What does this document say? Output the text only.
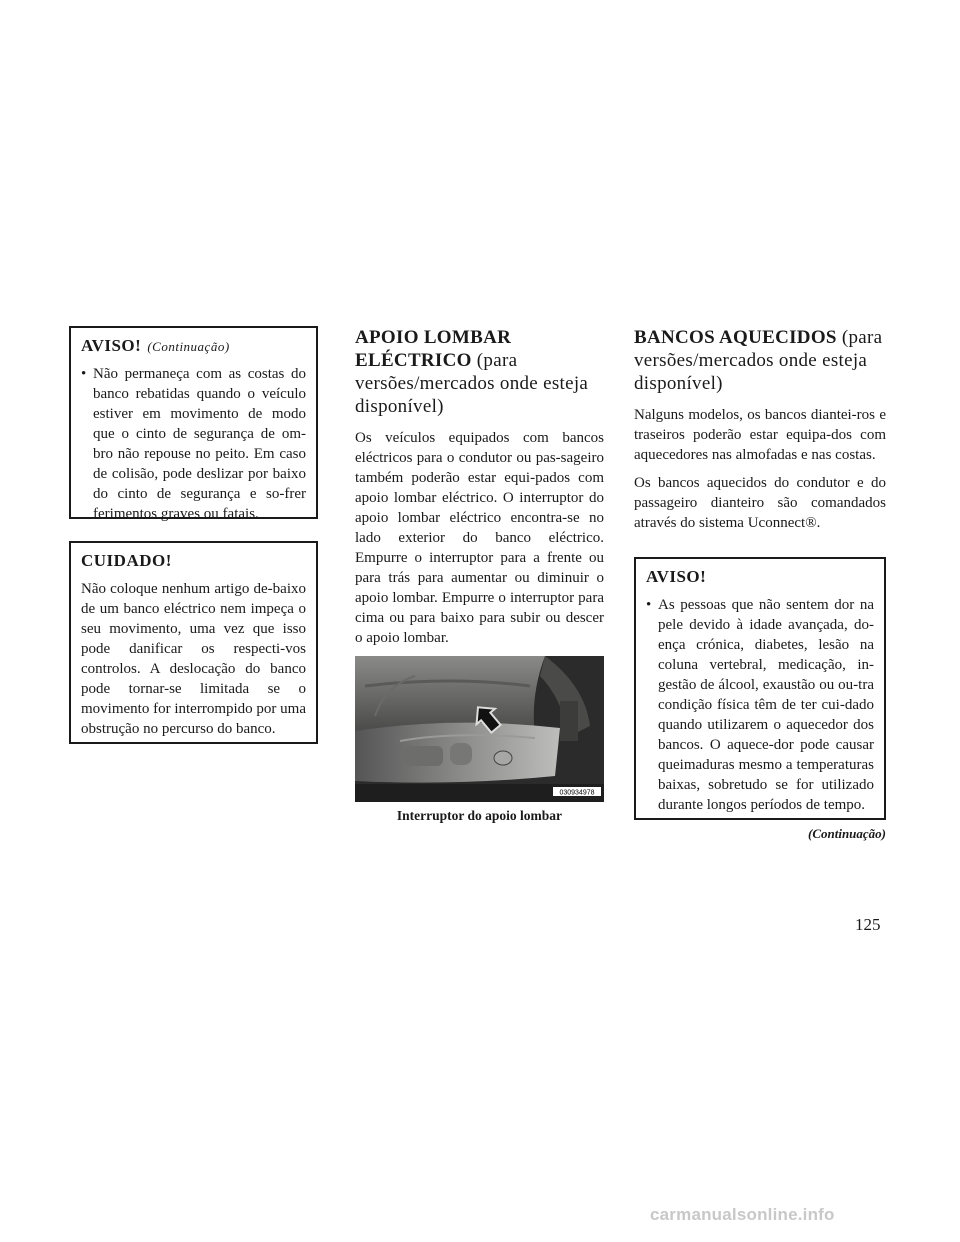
AVISO! (Continuação)

• Não permaneça com as costas do banco rebatidas quando o veículo estiver em movimento de modo que o cinto de segurança de om-bro não repouse no peito. Em caso de colisão, pode deslizar por baixo do cinto de segurança e so-frer ferimentos graves ou fatais.

CUIDADO!

Não coloque nenhum artigo de-baixo de um banco eléctrico nem impeça o seu movimento, uma vez que isso pode danificar os respecti-vos controlos. A deslocação do banco pode tornar-se limitada se o movimento for interrompido por uma obstrução no percurso do banco.

APOIO LOMBAR ELÉCTRICO (para versões/mercados onde esteja disponível)

Os veículos equipados com bancos eléctricos para o condutor ou pas-sageiro também poderão estar equi-pados com apoio lombar eléctrico. O interruptor do apoio lombar eléctrico encontra-se no lado exterior do banco eléctrico. Empurre o interruptor para a frente ou para trás para aumentar ou diminuir o apoio lombar. Empurre o interruptor para cima ou para baixo para subir ou descer o apoio lombar.

030934978
Interruptor do apoio lombar
BANCOS AQUECIDOS (para versões/mercados onde esteja disponível)

Nalguns modelos, os bancos diantei-ros e traseiros poderão estar equipa-dos com aquecedores nas almofadas e nas costas.

Os bancos aquecidos do condutor e do passageiro dianteiro são comandados através do sistema Uconnect®.

AVISO!

• As pessoas que não sentem dor na pele devido à idade avançada, do-ença crónica, diabetes, lesão na coluna vertebral, medicação, in-gestão de álcool, exaustão ou ou-tra condição física têm de ter cui-dado quando utilizarem o aquecedor dos bancos. O aquece-dor pode causar queimaduras mesmo a temperaturas baixas, sobretudo se for utilizado durante longos períodos de tempo.

(Continuação)
125
carmanualsonline.info
